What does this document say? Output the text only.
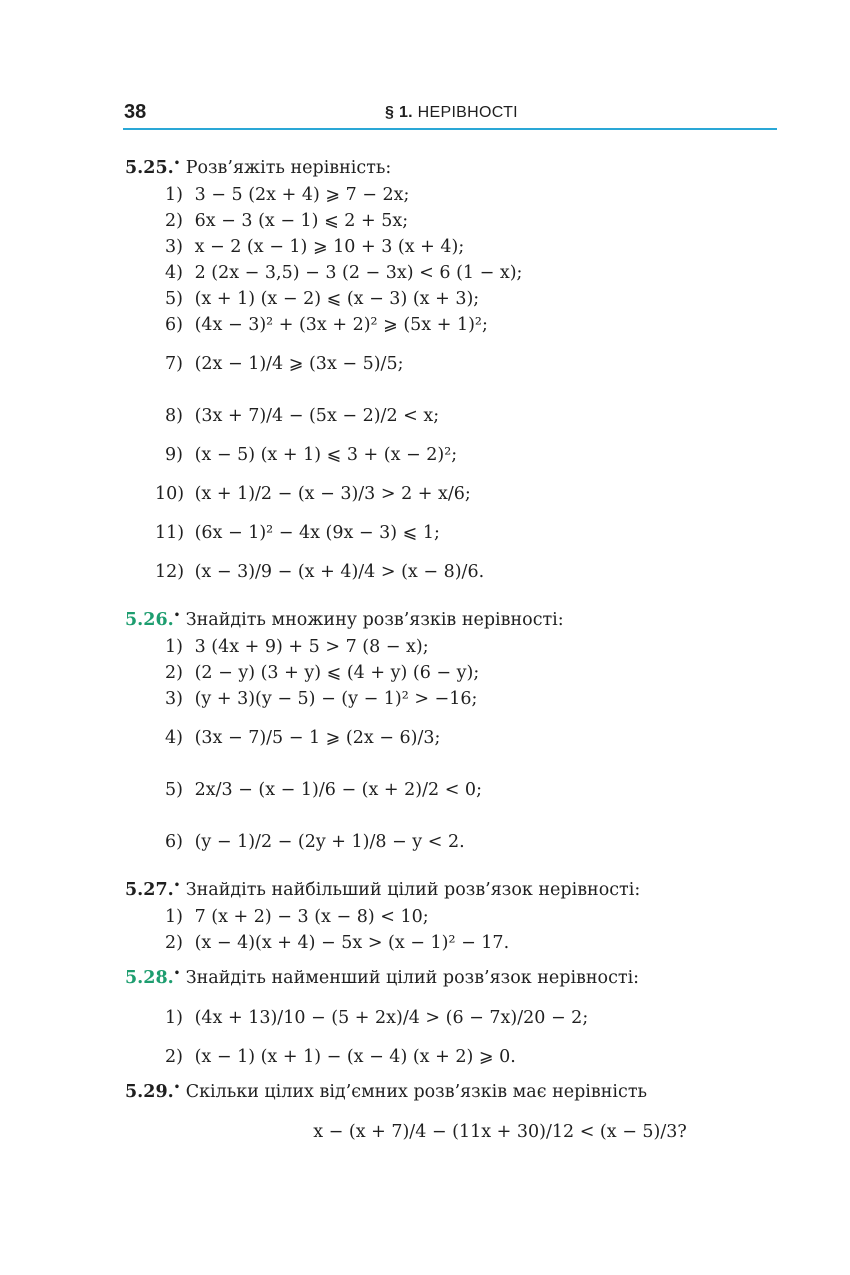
38	§ 1. НЕРІВНОСТІ
5.25.• Розв’яжіть нерівність:
1)
3 − 5 (2x + 4) ⩾ 7 − 2x;
2)
6x − 3 (x − 1) ⩽ 2 + 5x;
3)
x − 2 (x − 1) ⩾ 10 + 3 (x + 4);
4)
2 (2x − 3,5) − 3 (2 − 3x) < 6 (1 − x);
5)
(x + 1) (x − 2) ⩽ (x − 3) (x + 3);
6)
(4x − 3)² + (3x + 2)² ⩾ (5x + 1)²;
7)
(2x − 1)/4 ⩾ (3x − 5)/5;
8)
(3x + 7)/4 − (5x − 2)/2 < x;
9)
(x − 5) (x + 1) ⩽ 3 + (x − 2)²;
10)
(x + 1)/2 − (x − 3)/3 > 2 + x/6;
11)
(6x − 1)² − 4x (9x − 3) ⩽ 1;
12)
(x − 3)/9 − (x + 4)/4 > (x − 8)/6.
5.26.• Знайдіть множину розв’язків нерівності:
1)
3 (4x + 9) + 5 > 7 (8 − x);
2)
(2 − y) (3 + y) ⩽ (4 + y) (6 − y);
3)
(y + 3)(y − 5) − (y − 1)² > −16;
4)
(3x − 7)/5 − 1 ⩾ (2x − 6)/3;
5)
2x/3 − (x − 1)/6 − (x + 2)/2 < 0;
6)
(y − 1)/2 − (2y + 1)/8 − y < 2.
5.27.• Знайдіть найбільший цілий розв’язок нерівності:
1)
7 (x + 2) − 3 (x − 8) < 10;
2)
(x − 4)(x + 4) − 5x > (x − 1)² − 17.
5.28.• Знайдіть найменший цілий розв’язок нерівності:
1)
(4x + 13)/10 − (5 + 2x)/4 > (6 − 7x)/20 − 2;
2)
(x − 1) (x + 1) − (x − 4) (x + 2) ⩾ 0.
5.29.• Скільки цілих від’ємних розв’язків має нерівність
x − (x + 7)/4 − (11x + 30)/12 < (x − 5)/3?
